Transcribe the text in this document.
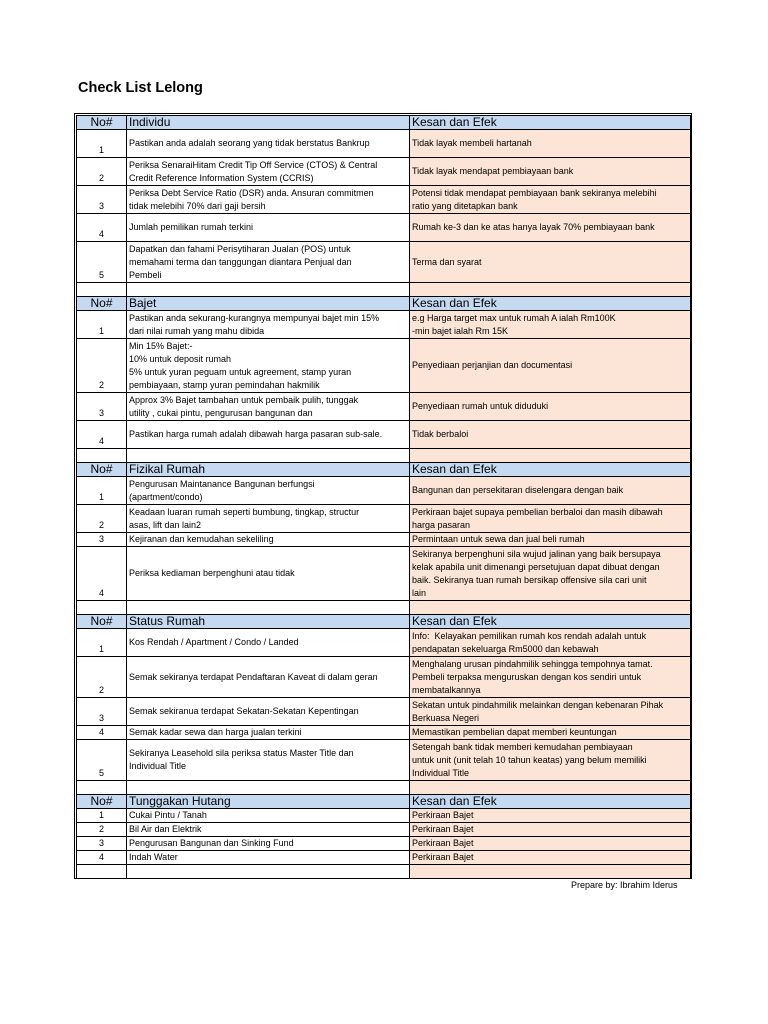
Check List Lelong
No#	Individu	Kesan dan Efek
1	Pastikan anda adalah seorang yang tidak berstatus Bankrup	Tidak layak membeli hartanah
2	Periksa SenaraiHitam Credit Tip Off Service (CTOS) & Central
Credit Reference Information System (CCRIS)	Tidak layak mendapat pembiayaan bank
3	Periksa Debt Service Ratio (DSR) anda. Ansuran commitmen
tidak melebihi 70% dari gaji bersih	Potensi tidak mendapat pembiayaan bank sekiranya melebihi
ratio yang ditetapkan bank
4	Jumlah pemilikan rumah terkini	Rumah ke-3 dan ke atas hanya layak 70% pembiayaan bank
5	Dapatkan dan fahami Perisytiharan Jualan (POS) untuk
memahami terma dan tanggungan diantara Penjual dan
Pembeli	Terma dan syarat

No#	Bajet	Kesan dan Efek
1	Pastikan anda sekurang-kurangnya mempunyai bajet min 15%
dari nilai rumah yang mahu dibida	e.g Harga target max untuk rumah A ialah Rm100K
-min bajet ialah Rm 15K
2	Min 15% Bajet:-
10% untuk deposit rumah
5% untuk yuran peguam untuk agreement, stamp yuran
pembiayaan, stamp yuran pemindahan hakmilik	Penyediaan perjanjian dan documentasi
3	Approx 3% Bajet tambahan untuk pembaik pulih, tunggak
utility , cukai pintu, pengurusan bangunan dan	Penyediaan rumah untuk diduduki
4	Pastikan harga rumah adalah dibawah harga pasaran sub-sale.	Tidak berbaloi

No#	Fizikal Rumah	Kesan dan Efek
1	Pengurusan Maintanance Bangunan berfungsi
(apartment/condo)	Bangunan dan persekitaran diselengara dengan baik
2	Keadaan luaran rumah seperti bumbung, tingkap, structur
asas, lift dan lain2	Perkiraan bajet supaya pembelian berbaloi dan masih dibawah
harga pasaran
3	Kejiranan dan kemudahan sekeliling	Permintaan untuk sewa dan jual beli rumah
4	Periksa kediaman berpenghuni atau tidak	Sekiranya berpenghuni sila wujud jalinan yang baik bersupaya
kelak apabila unit dimenangi persetujuan dapat dibuat dengan
baik. Sekiranya tuan rumah bersikap offensive sila cari unit
lain

No#	Status Rumah	Kesan dan Efek
1	Kos Rendah / Apartment / Condo / Landed	Info:  Kelayakan pemilikan rumah kos rendah adalah untuk
pendapatan sekeluarga Rm5000 dan kebawah
2	Semak sekiranya terdapat Pendaftaran Kaveat di dalam geran	Menghalang urusan pindahmilik sehingga tempohnya tamat.
Pembeli terpaksa menguruskan dengan kos sendiri untuk
membatalkannya
3	Semak sekiranua terdapat Sekatan-Sekatan Kepentingan	Sekatan untuk pindahmilik melainkan dengan kebenaran Pihak
Berkuasa Negeri
4	Semak kadar sewa dan harga jualan terkini	Memastikan pembelian dapat memberi keuntungan
5	Sekiranya Leasehold sila periksa status Master Title dan
Individual Title	Setengah bank tidak memberi kemudahan pembiayaan
untuk unit (unit telah 10 tahun keatas) yang belum memiliki
Individual Title

No#	Tunggakan Hutang	Kesan dan Efek
1	Cukai Pintu / Tanah	Perkiraan Bajet
2	Bil Air dan Elektrik	Perkiraan Bajet
3	Pengurusan Bangunan dan Sinking Fund	Perkiraan Bajet
4	Indah Water	Perkiraan Bajet

Prepare by: Ibrahim Iderus
